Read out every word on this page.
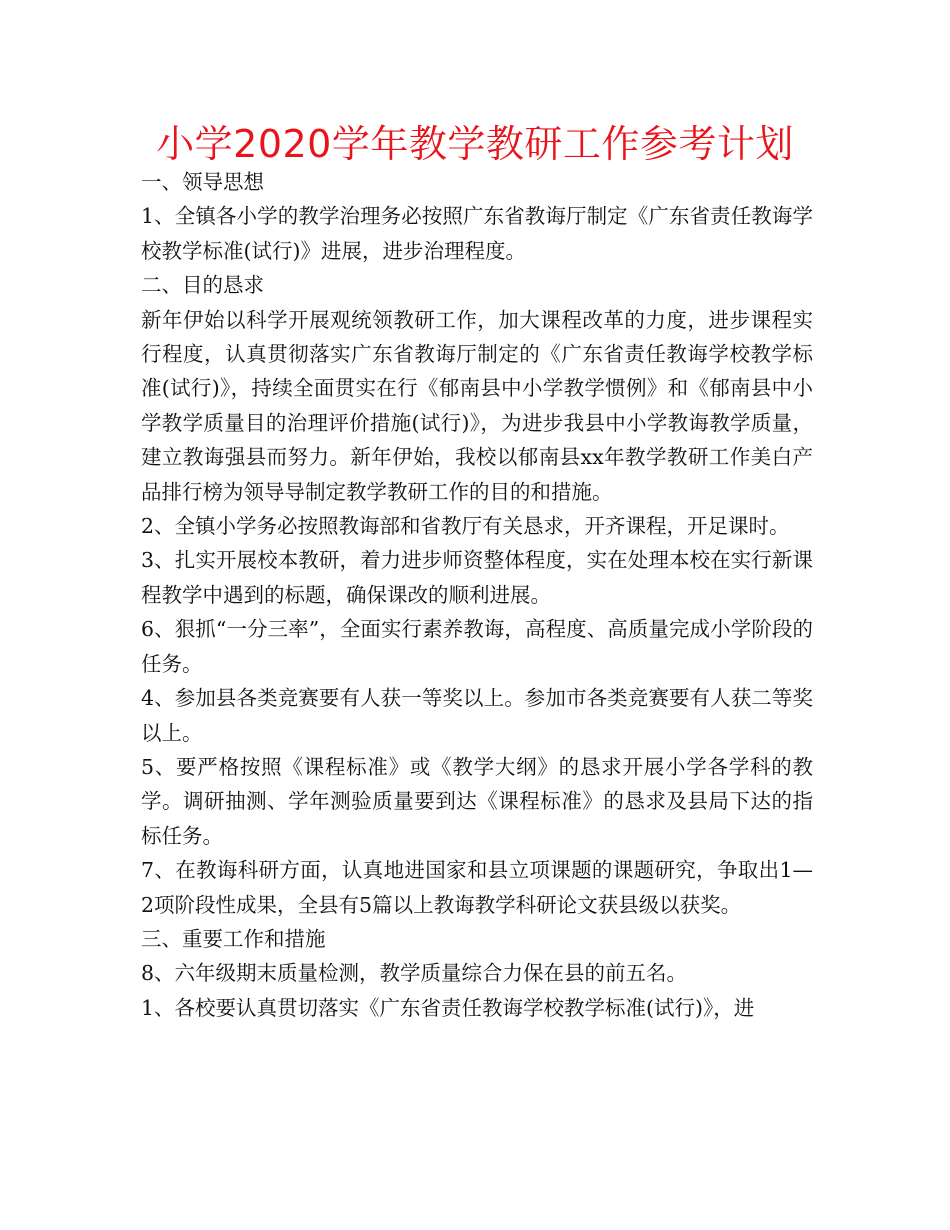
小学2020学年教学教研工作参考计划

一、领导思想

1、全镇各小学的教学治理务必按照广东省教诲厅制定《广东省责任教诲学校教学标准(试行)》进展，进步治理程度。

二、目的恳求

新年伊始以科学开展观统领教研工作，加大课程改革的力度，进步课程实行程度，认真贯彻落实广东省教诲厅制定的《广东省责任教诲学校教学标准(试行)》，持续全面贯实在行《郁南县中小学教学惯例》和《郁南县中小学教学质量目的治理评价措施(试行)》，为进步我县中小学教诲教学质量，建立教诲强县而努力。新年伊始，我校以郁南县xx年教学教研工作美白产品排行榜为领导导制定教学教研工作的目的和措施。

2、全镇小学务必按照教诲部和省教厅有关恳求，开齐课程，开足课时。

3、扎实开展校本教研，着力进步师资整体程度，实在处理本校在实行新课程教学中遇到的标题，确保课改的顺利进展。

6、狠抓“一分三率”，全面实行素养教诲，高程度、高质量完成小学阶段的任务。

4、参加县各类竞赛要有人获一等奖以上。参加市各类竞赛要有人获二等奖以上。

5、要严格按照《课程标准》或《教学大纲》的恳求开展小学各学科的教学。调研抽测、学年测验质量要到达《课程标准》的恳求及县局下达的指标任务。

7、在教诲科研方面，认真地进国家和县立项课题的课题研究，争取出1—2项阶段性成果，全县有5篇以上教诲教学科研论文获县级以获奖。

三、重要工作和措施

8、六年级期末质量检测，教学质量综合力保在县的前五名。

1、各校要认真贯切落实《广东省责任教诲学校教学标准(试行)》，进
